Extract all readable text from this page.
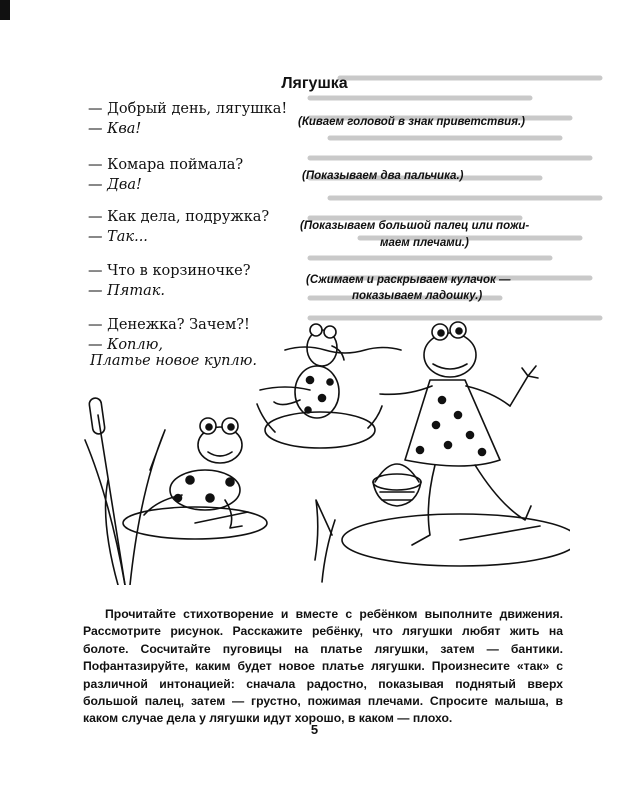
Лягушка
— Добрый день, лягушка!
— Ква!	(Киваем головой в знак приветствия.)
— Комара поймала?
— Два!
(Показываем два пальчика.)
— Как дела, подружка?
— Так...
(Показываем большой палец или пожи-
маем плечами.)
— Что в корзиночке?
— Пятак.
(Сжимаем и раскрываем кулачок —
показываем ладошку.)
— Денежка? Зачем?!
— Коплю,
Платье новое куплю.
Прочитайте стихотворение и вместе с ребёнком выполните движения. Рассмотрите рисунок. Расскажите ребёнку, что лягушки любят жить на болоте. Сосчитайте пуговицы на платье лягушки, затем — бантики. Пофантазируйте, каким будет новое платье лягушки. Произнесите «так» с различной интонацией: сначала радостно, показывая поднятый вверх большой палец, затем — грустно, пожимая плечами. Спросите малыша, в каком случае дела у лягушки идут хорошо, в каком — плохо.
5
